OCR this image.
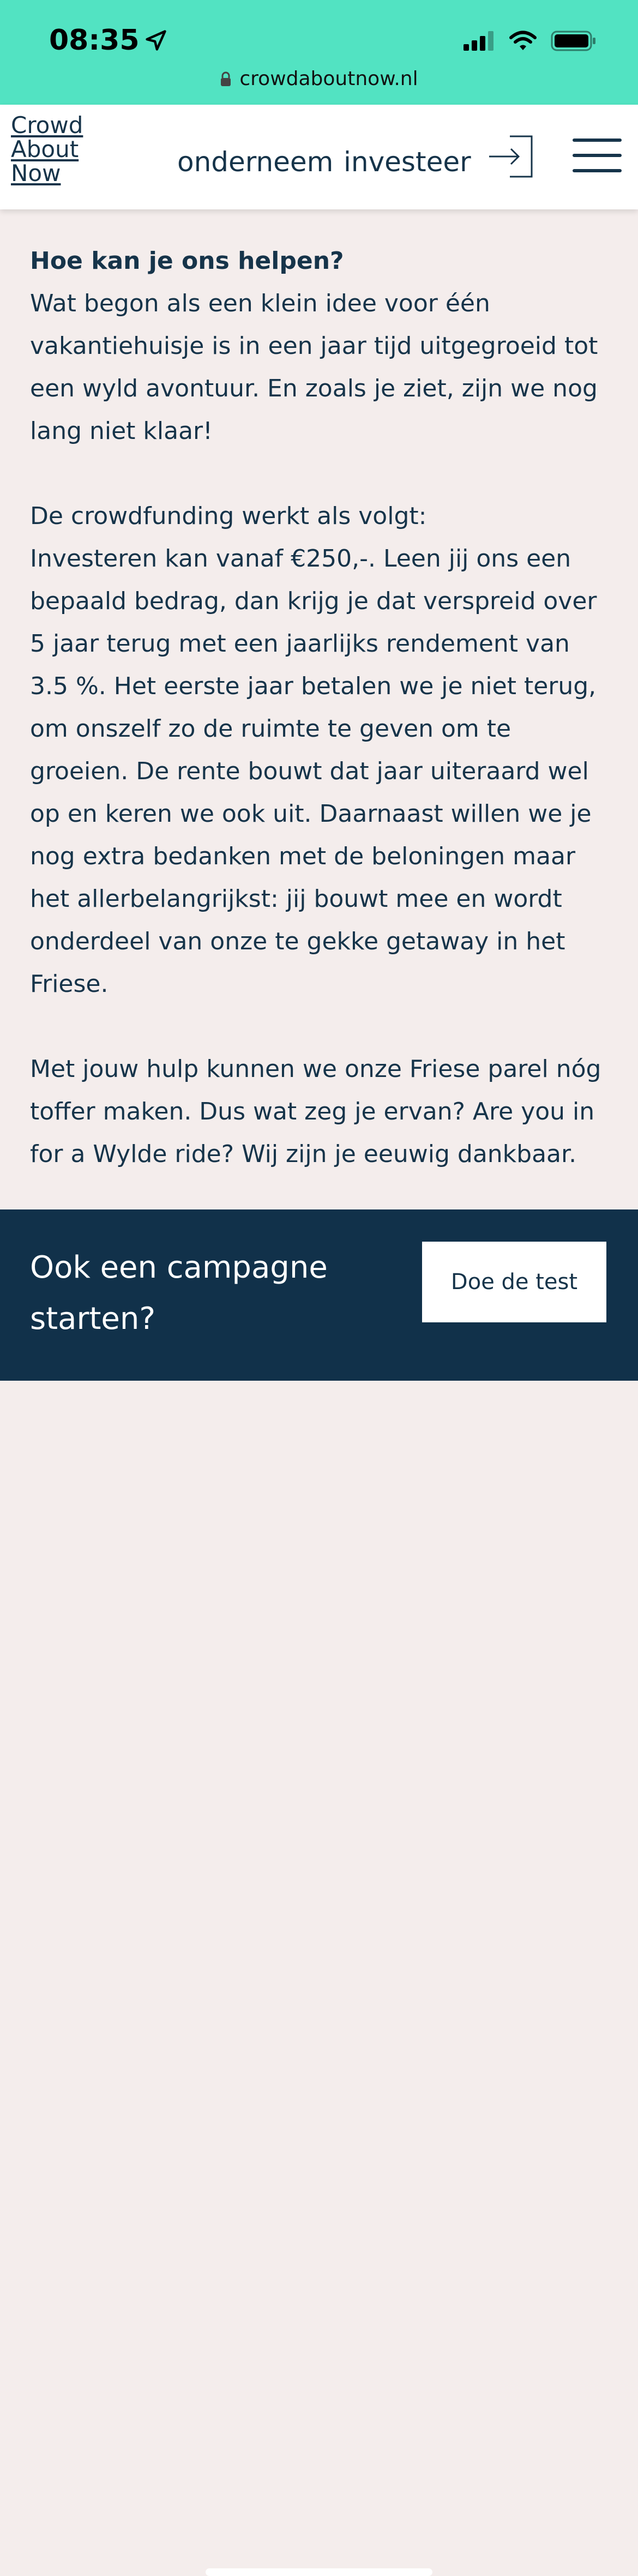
08:35
crowdaboutnow.nl
Crowd
About
Now	onderneem investeer
Hoe kan je ons helpen?

Wat begon als een klein idee voor één vakantiehuisje is in een jaar tijd uitgegroeid tot een wyld avontuur. En zoals je ziet, zijn we nog lang niet klaar!

De crowdfunding werkt als volgt:

Investeren kan vanaf €250,-. Leen jij ons een bepaald bedrag, dan krijg je dat verspreid over 5 jaar terug met een jaarlijks rendement van 3.5 %. Het eerste jaar betalen we je niet terug, om onszelf zo de ruimte te geven om te groeien. De rente bouwt dat jaar uiteraard wel op en keren we ook uit. Daarnaast willen we je nog extra bedanken met de beloningen maar het allerbelangrijkst: jij bouwt mee en wordt onderdeel van onze te gekke getaway in het Friese.

Met jouw hulp kunnen we onze Friese parel nóg toffer maken. Dus wat zeg je ervan? Are you in for a Wylde ride? Wij zijn je eeuwig dankbaar.

Ook een campagne starten?
Doe de test
